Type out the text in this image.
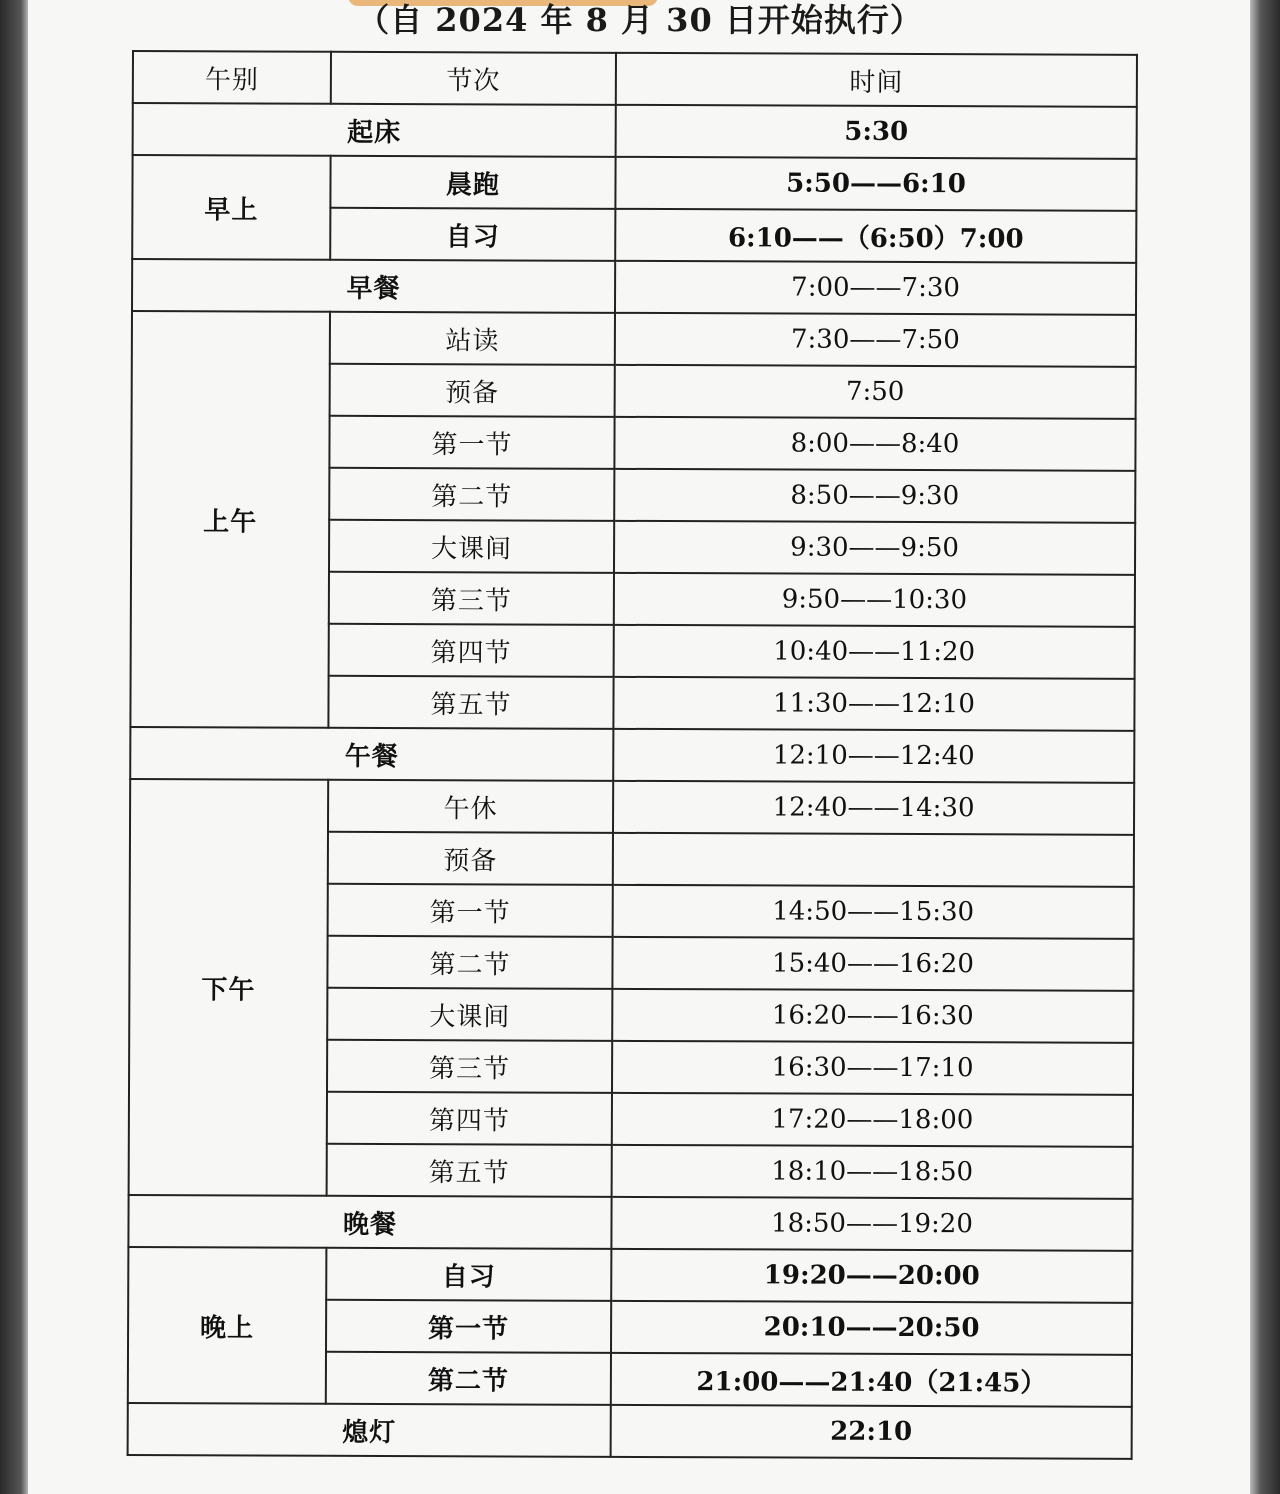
（自 2024 年 8 月 30 日开始执行）
午别	节次	时间
起床		5:30
早上	晨跑	5:50——6:10
	自习	6:10——（6:50）7:00
早餐		7:00——7:30
上午	站读	7:30——7:50
	预备	7:50
	第一节	8:00——8:40
	第二节	8:50——9:30
	大课间	9:30——9:50
	第三节	9:50——10:30
	第四节	10:40——11:20
	第五节	11:30——12:10
午餐		12:10——12:40
下午	午休	12:40——14:30
	预备	
	第一节	14:50——15:30
	第二节	15:40——16:20
	大课间	16:20——16:30
	第三节	16:30——17:10
	第四节	17:20——18:00
	第五节	18:10——18:50
晚餐		18:50——19:20
晚上	自习	19:20——20:00
	第一节	20:10——20:50
	第二节	21:00——21:40（21:45）
熄灯		22:10
